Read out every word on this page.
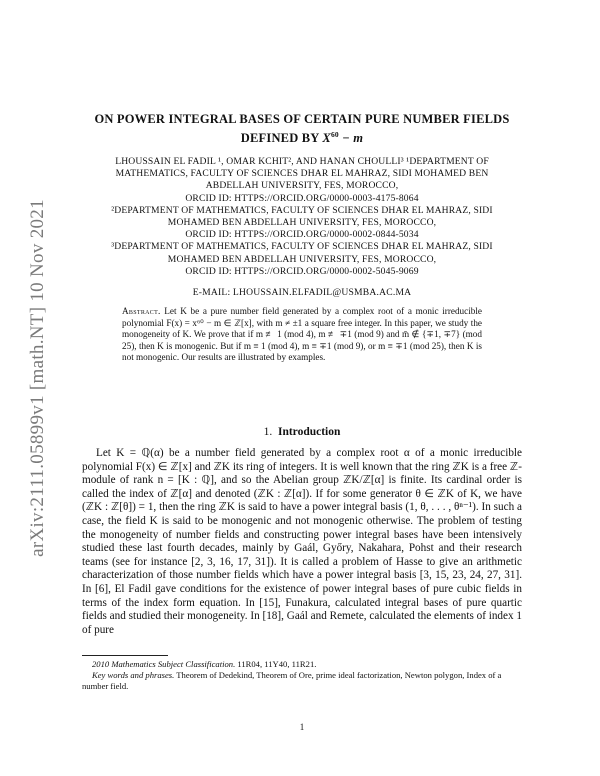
arXiv:2111.05899v1 [math.NT] 10 Nov 2021
ON POWER INTEGRAL BASES OF CERTAIN PURE NUMBER FIELDS
DEFINED BY $X^{60} - m$
LHOUSSAIN EL FADIL ¹, OMAR KCHIT², AND HANAN CHOULLI³ ¹DEPARTMENT OF
MATHEMATICS, FACULTY OF SCIENCES DHAR EL MAHRAZ, SIDI MOHAMED BEN
ABDELLAH UNIVERSITY, FES, MOROCCO,
ORCID ID: HTTPS://ORCID.ORG/0000-0003-4175-8064
²DEPARTMENT OF MATHEMATICS, FACULTY OF SCIENCES DHAR EL MAHRAZ, SIDI
MOHAMED BEN ABDELLAH UNIVERSITY, FES, MOROCCO,
ORCID ID: HTTPS://ORCID.ORG/0000-0002-0844-5034
³DEPARTMENT OF MATHEMATICS, FACULTY OF SCIENCES DHAR EL MAHRAZ, SIDI
MOHAMED BEN ABDELLAH UNIVERSITY, FES, MOROCCO,
ORCID ID: HTTPS://ORCID.ORG/0000-0002-5045-9069
E-MAIL: LHOUSSAIN.ELFADIL@USMBA.AC.MA
Abstract. Let K be a pure number field generated by a complex root of a monic irreducible polynomial F(x) = x⁶⁰ − m ∈ ℤ[x], with m ≠ ±1 a square free integer. In this paper, we study the monogeneity of K. We prove that if m ≢ 1 (mod 4), m ≢ ∓1 (mod 9) and m̄ ∉ {∓1, ∓7} (mod 25), then K is monogenic. But if m ≡ 1 (mod 4), m ≡ ∓1 (mod 9), or m ≡ ∓1 (mod 25), then K is not monogenic. Our results are illustrated by examples.
1. Introduction

Let K = ℚ(α) be a number field generated by a complex root α of a monic irreducible polynomial F(x) ∈ ℤ[x] and ℤK its ring of integers. It is well known that the ring ℤK is a free ℤ-module of rank n = [K : ℚ], and so the Abelian group ℤK/ℤ[α] is finite. Its cardinal order is called the index of ℤ[α] and denoted (ℤK : ℤ[α]). If for some generator θ ∈ ℤK of K, we have (ℤK : ℤ[θ]) = 1, then the ring ℤK is said to have a power integral basis (1, θ, . . . , θⁿ⁻¹). In such a case, the field K is said to be monogenic and not monogenic otherwise. The problem of testing the monogeneity of number fields and constructing power integral bases have been intensively studied these last fourth decades, mainly by Gaál, Győry, Nakahara, Pohst and their research teams (see for instance [2, 3, 16, 17, 31]). It is called a problem of Hasse to give an arithmetic characterization of those number fields which have a power integral basis [3, 15, 23, 24, 27, 31]. In [6], El Fadil gave conditions for the existence of power integral bases of pure cubic fields in terms of the index form equation. In [15], Funakura, calculated integral bases of pure quartic fields and studied their monogeneity. In [18], Gaál and Remete, calculated the elements of index 1 of pure

2010 Mathematics Subject Classification. 11R04, 11Y40, 11R21.

Key words and phrases. Theorem of Dedekind, Theorem of Ore, prime ideal factorization, Newton polygon, Index of a number field.

1
